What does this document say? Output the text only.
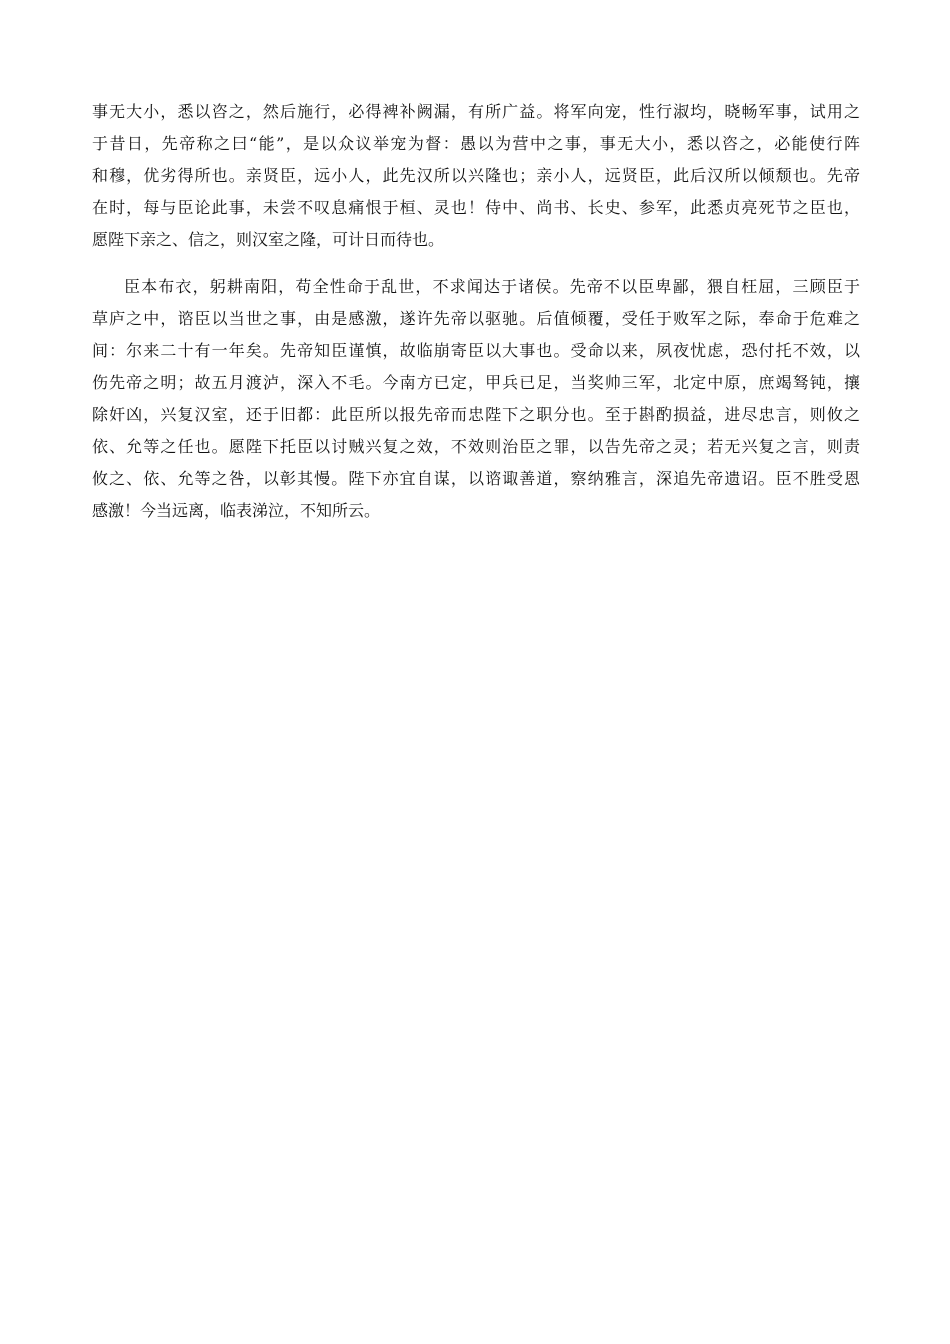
事无大小，悉以咨之，然后施行，必得裨补阙漏，有所广益。将军向宠，性行淑均，晓畅军事，试用之
于昔日，先帝称之曰“能”，是以众议举宠为督：愚以为营中之事，事无大小，悉以咨之，必能使行阵
和穆，优劣得所也。亲贤臣，远小人，此先汉所以兴隆也；亲小人，远贤臣，此后汉所以倾颓也。先帝
在时，每与臣论此事，未尝不叹息痛恨于桓、灵也！侍中、尚书、长史、参军，此悉贞亮死节之臣也，
愿陛下亲之、信之，则汉室之隆，可计日而待也。
臣本布衣，躬耕南阳，苟全性命于乱世，不求闻达于诸侯。先帝不以臣卑鄙，猥自枉屈，三顾臣于
草庐之中，谘臣以当世之事，由是感激，遂许先帝以驱驰。后值倾覆，受任于败军之际，奉命于危难之
间：尔来二十有一年矣。先帝知臣谨慎，故临崩寄臣以大事也。受命以来，夙夜忧虑，恐付托不效，以
伤先帝之明；故五月渡泸，深入不毛。今南方已定，甲兵已足，当奖帅三军，北定中原，庶竭驽钝，攘
除奸凶，兴复汉室，还于旧都：此臣所以报先帝而忠陛下之职分也。至于斟酌损益，进尽忠言，则攸之
依、允等之任也。愿陛下托臣以讨贼兴复之效，不效则治臣之罪，以告先帝之灵；若无兴复之言，则责
攸之、依、允等之咎，以彰其慢。陛下亦宜自谋，以谘诹善道，察纳雅言，深追先帝遗诏。臣不胜受恩
感激！今当远离，临表涕泣，不知所云。
